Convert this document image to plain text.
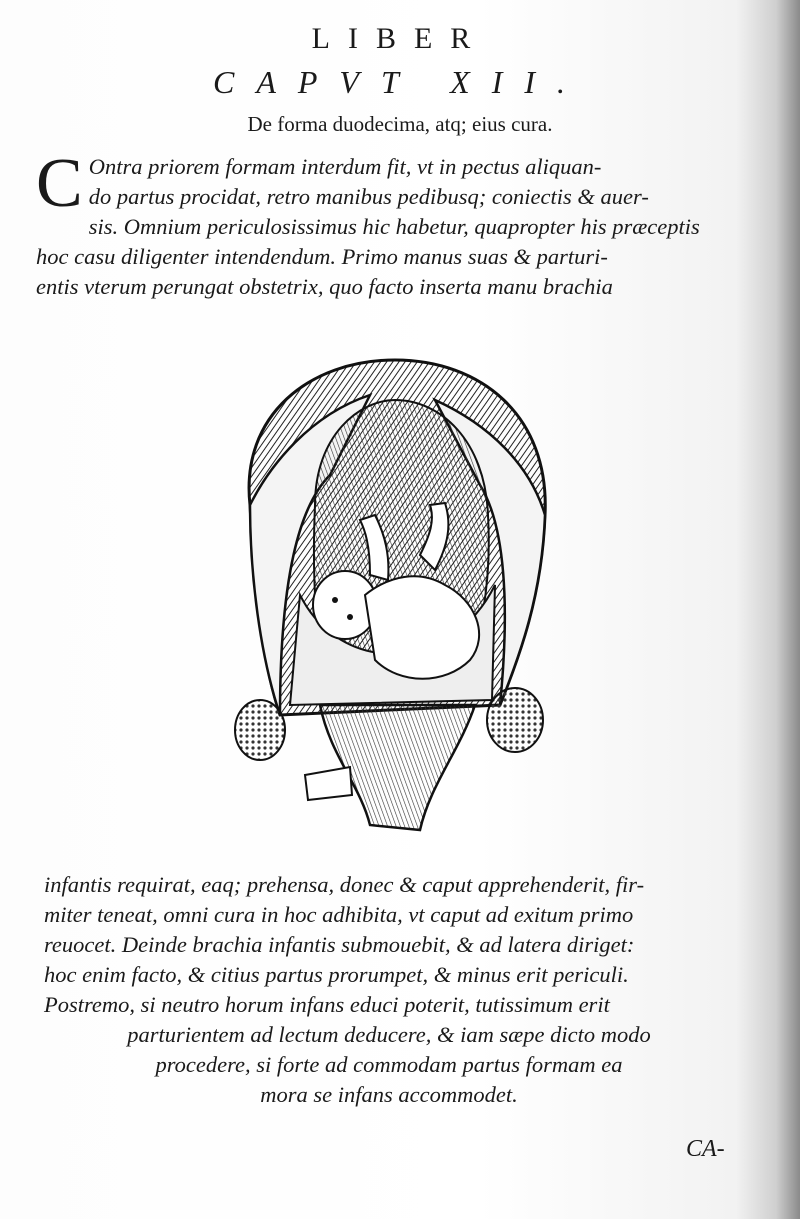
LIBER
CAPVT XII.
De forma duodecima, atq; eius cura.
C Ontra priorem formam interdum fit, vt in pectus aliquan-
do partus procidat, retro manibus pedibusq; coniectis & auer-
sis. Omnium periculosissimus hic habetur, quapropter his præceptis
hoc casu diligenter intendendum. Primo manus suas & parturi-
entis vterum perungat obstetrix, quo facto inserta manu brachia
infantis requirat, eaq; prehensa, donec & caput apprehenderit, fir-
miter teneat, omni cura in hoc adhibita, vt caput ad exitum primo
reuocet. Deinde brachia infantis submouebit, & ad latera diriget:
hoc enim facto, & citius partus prorumpet, & minus erit periculi.
Postremo, si neutro horum infans educi poterit, tutissimum erit
parturientem ad lectum deducere, & iam sæpe dicto modo
procedere, si forte ad commodam partus formam ea
mora se infans accommodet.
CA-
